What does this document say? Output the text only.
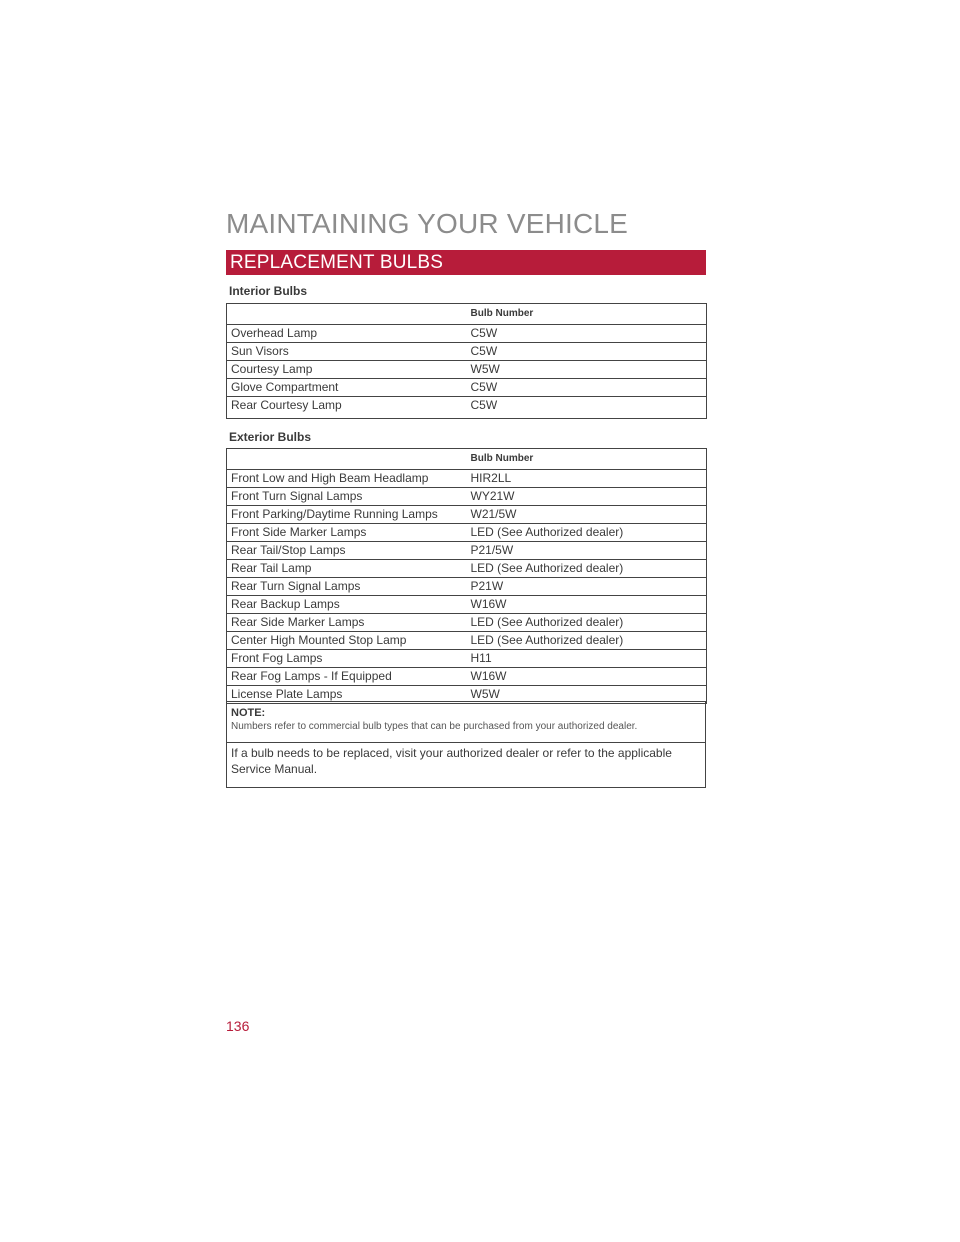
MAINTAINING YOUR VEHICLE
REPLACEMENT BULBS
Interior Bulbs
	Bulb Number
Overhead Lamp	C5W
Sun Visors	C5W
Courtesy Lamp	W5W
Glove Compartment	C5W
Rear Courtesy Lamp	C5W
Exterior Bulbs
	Bulb Number
Front Low and High Beam Headlamp	HIR2LL
Front Turn Signal Lamps	WY21W
Front Parking/Daytime Running Lamps	W21/5W
Front Side Marker Lamps	LED (See Authorized dealer)
Rear Tail/Stop Lamps	P21/5W
Rear Tail Lamp	LED (See Authorized dealer)
Rear Turn Signal Lamps	P21W
Rear Backup Lamps	W16W
Rear Side Marker Lamps	LED (See Authorized dealer)
Center High Mounted Stop Lamp	LED (See Authorized dealer)
Front Fog Lamps	H11
Rear Fog Lamps - If Equipped	W16W
License Plate Lamps	W5W
NOTE:
Numbers refer to commercial bulb types that can be purchased from your authorized dealer.
If a bulb needs to be replaced, visit your authorized dealer or refer to the applicable Service Manual.
136
